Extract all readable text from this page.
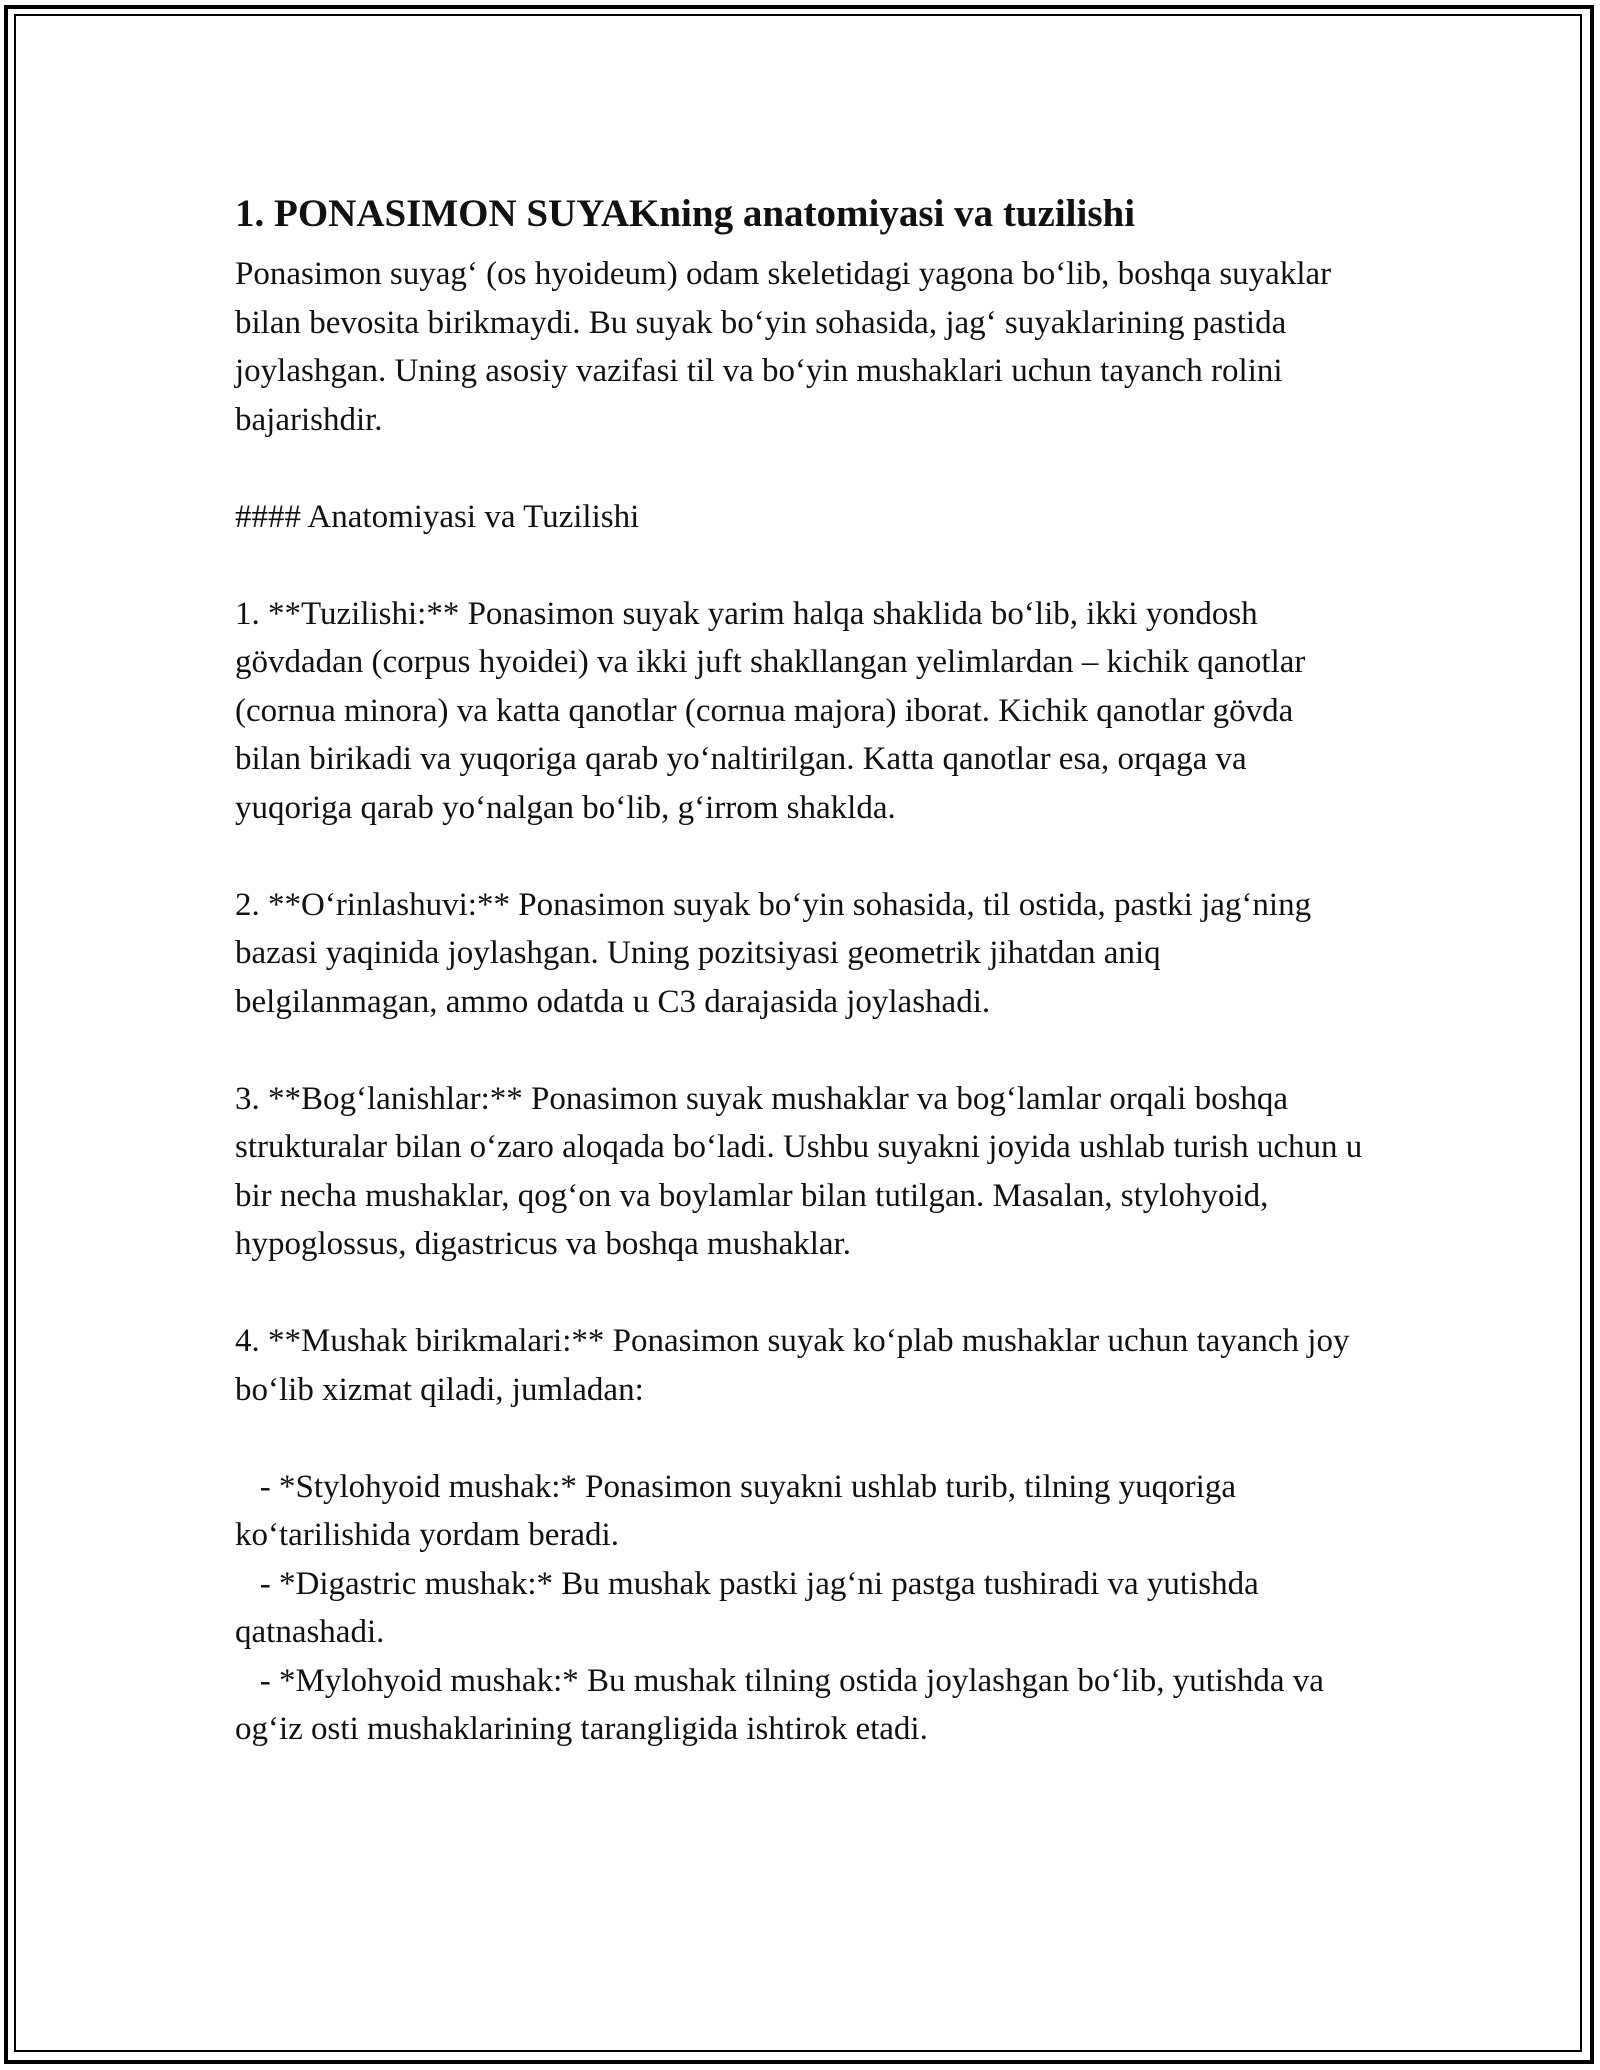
1. PONASIMON SUYAKning anatomiyasi va tuzilishi

Ponasimon suyag‘ (os hyoideum) odam skeletidagi yagona bo‘lib, boshqa suyaklar bilan bevosita birikmaydi. Bu suyak bo‘yin sohasida, jag‘ suyaklarining pastida joylashgan. Uning asosiy vazifasi til va bo‘yin mushaklari uchun tayanch rolini bajarishdir.

#### Anatomiyasi va Tuzilishi

1. **Tuzilishi:** Ponasimon suyak yarim halqa shaklida bo‘lib, ikki yondosh gövdadan (corpus hyoidei) va ikki juft shakllangan yelimlardan – kichik qanotlar (cornua minora) va katta qanotlar (cornua majora) iborat. Kichik qanotlar gövda bilan birikadi va yuqoriga qarab yo‘naltirilgan. Katta qanotlar esa, orqaga va yuqoriga qarab yo‘nalgan bo‘lib, g‘irrom shaklda.

2. **O‘rinlashuvi:** Ponasimon suyak bo‘yin sohasida, til ostida, pastki jag‘ning bazasi yaqinida joylashgan. Uning pozitsiyasi geometrik jihatdan aniq belgilanmagan, ammo odatda u C3 darajasida joylashadi.

3. **Bog‘lanishlar:** Ponasimon suyak mushaklar va bog‘lamlar orqali boshqa strukturalar bilan o‘zaro aloqada bo‘ladi. Ushbu suyakni joyida ushlab turish uchun u bir necha mushaklar, qog‘on va boylamlar bilan tutilgan. Masalan, stylohyoid, hypoglossus, digastricus va boshqa mushaklar.

4. **Mushak birikmalari:** Ponasimon suyak ko‘plab mushaklar uchun tayanch joy bo‘lib xizmat qiladi, jumladan:

- *Stylohyoid mushak:* Ponasimon suyakni ushlab turib, tilning yuqoriga ko‘tarilishida yordam beradi.

- *Digastric mushak:* Bu mushak pastki jag‘ni pastga tushiradi va yutishda qatnashadi.

- *Mylohyoid mushak:* Bu mushak tilning ostida joylashgan bo‘lib, yutishda va og‘iz osti mushaklarining tarangligida ishtirok etadi.
